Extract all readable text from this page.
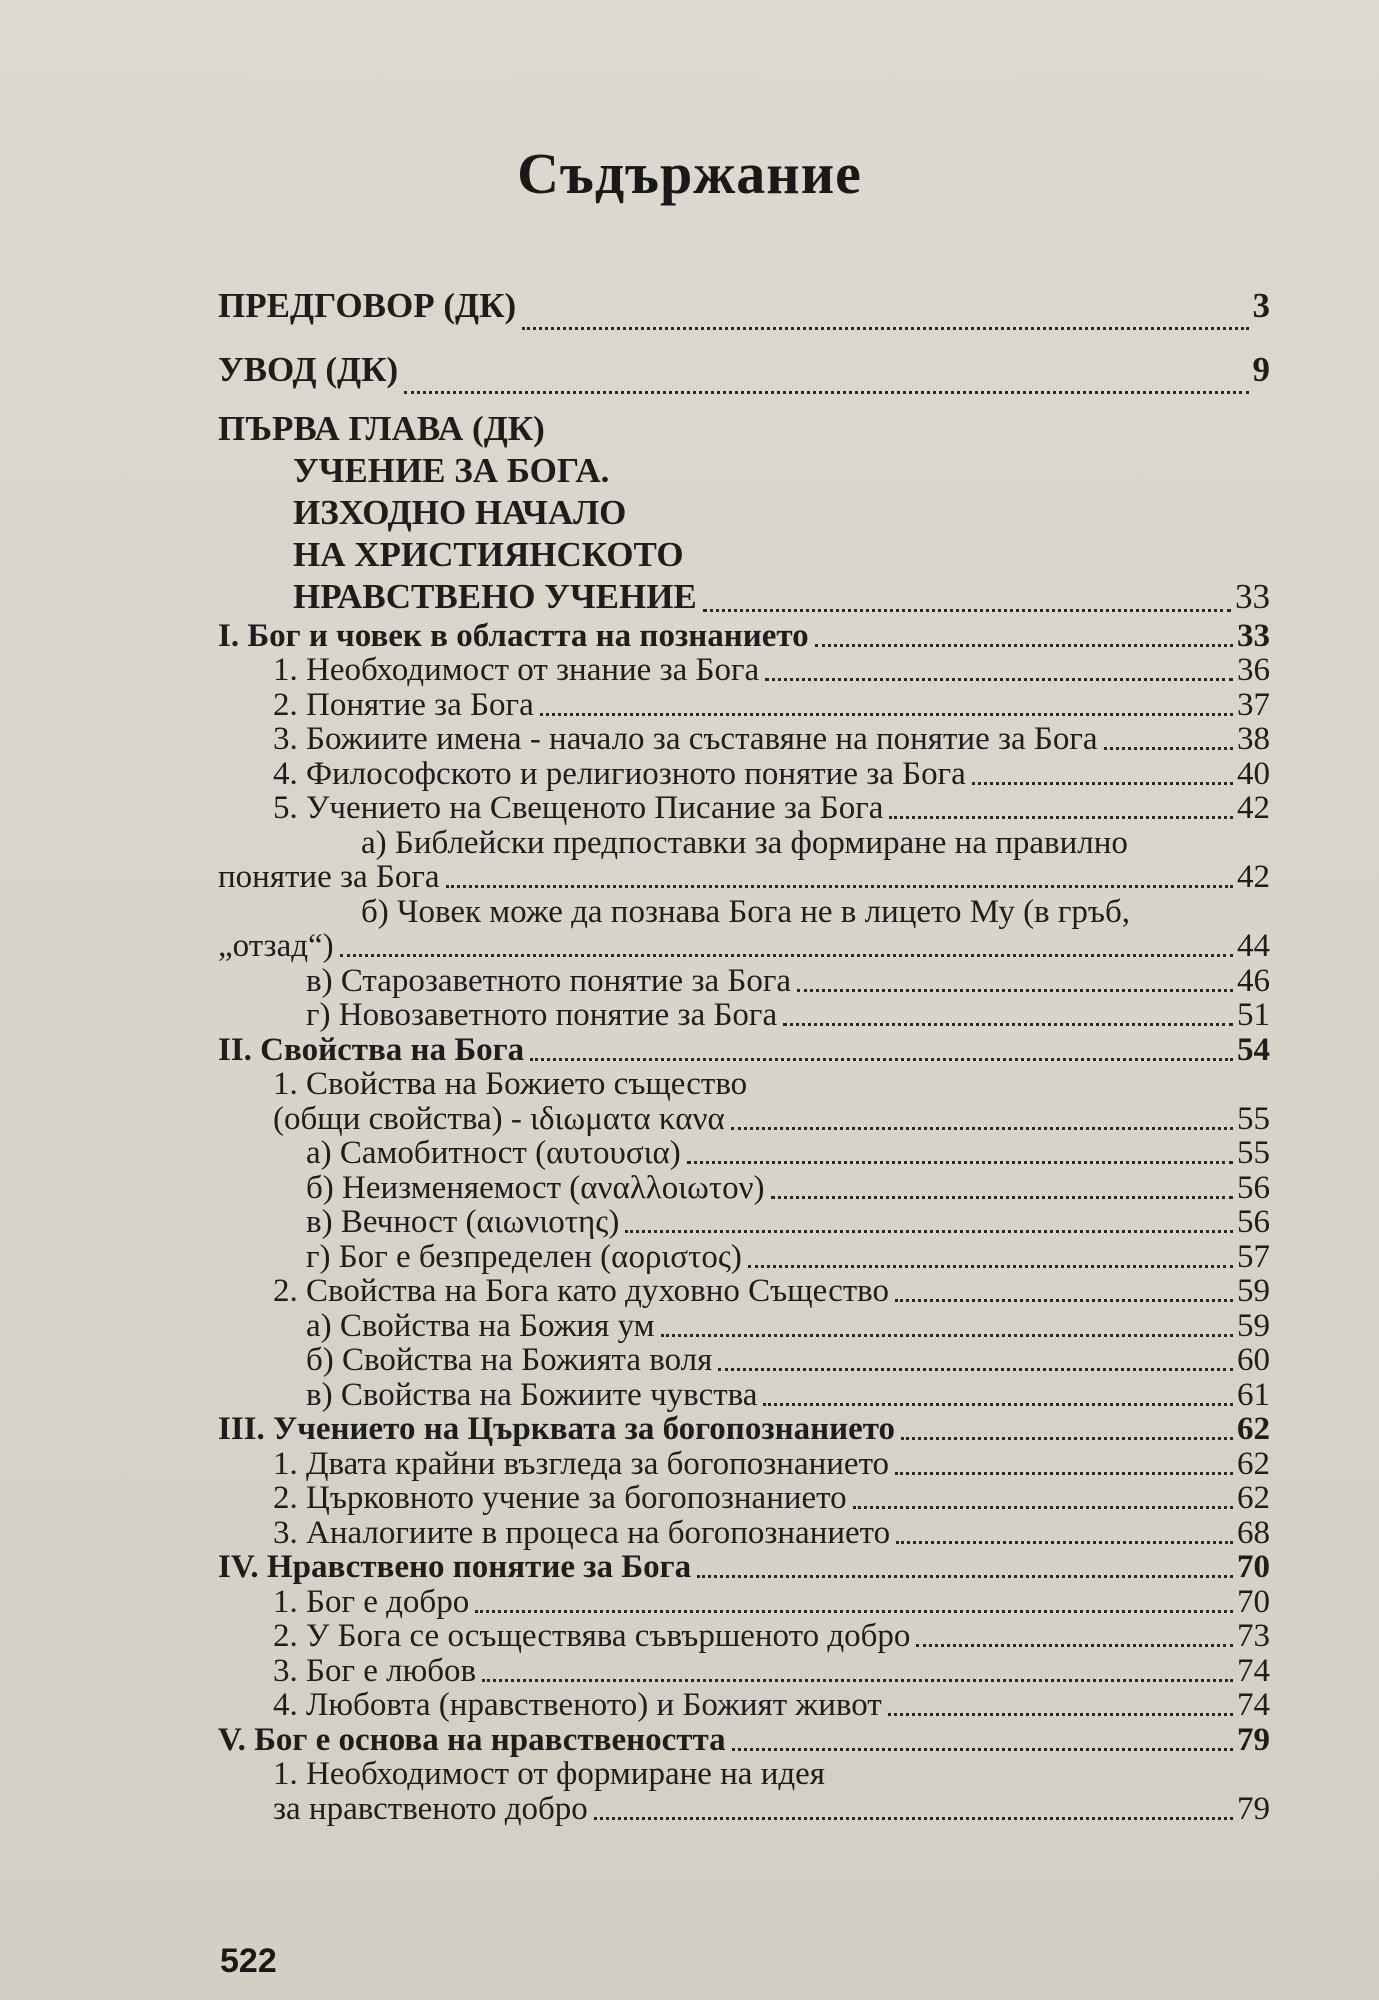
Съдържание
ПРЕДГОВОР (ДК)	3
УВОД (ДК)	9
ПЪРВА ГЛАВА (ДК)
УЧЕНИЕ ЗА БОГА.
ИЗХОДНО НАЧАЛО
НА ХРИСТИЯНСКОТО
НРАВСТВЕНО УЧЕНИЕ	33
I. Бог и човек в областта на познанието	33
1. Необходимост от знание за Бога	36
2. Понятие за Бога	37
3. Божиите имена - начало за съставяне на понятие за Бога	38
4. Философското и религиозното понятие за Бога	40
5. Учението на Свещеното Писание за Бога	42
а) Библейски предпоставки за формиране на правилно
понятие за Бога	42
б) Човек може да познава Бога не в лицето Му (в гръб,
„отзад“)	44
в) Старозаветното понятие за Бога	46
г) Новозаветното понятие за Бога	51
II. Свойства на Бога	54
1. Свойства на Божието същество
(общи свойства) - ιδιωματα κανα	55
а) Самобитност (αυτουσια)	55
б) Неизменяемост (αναλλοιωτον)	56
в) Вечност (αιωνιοτης)	56
г) Бог е безпределен (αοριστος)	57
2. Свойства на Бога като духовно Същество	59
а) Свойства на Божия ум	59
б) Свойства на Божията воля	60
в) Свойства на Божиите чувства	61
III. Учението на Църквата за богопознанието	62
1. Двата крайни възгледа за богопознанието	62
2. Църковното учение за богопознанието	62
3. Аналогиите в процеса на богопознанието	68
IV. Нравствено понятие за Бога	70
1. Бог е добро	70
2. У Бога се осъществява съвършеното добро	73
3. Бог е любов	74
4. Любовта (нравственото) и Божият живот	74
V. Бог е основа на нравствеността	79
1. Необходимост от формиране на идея
за нравственото добро	79
522
